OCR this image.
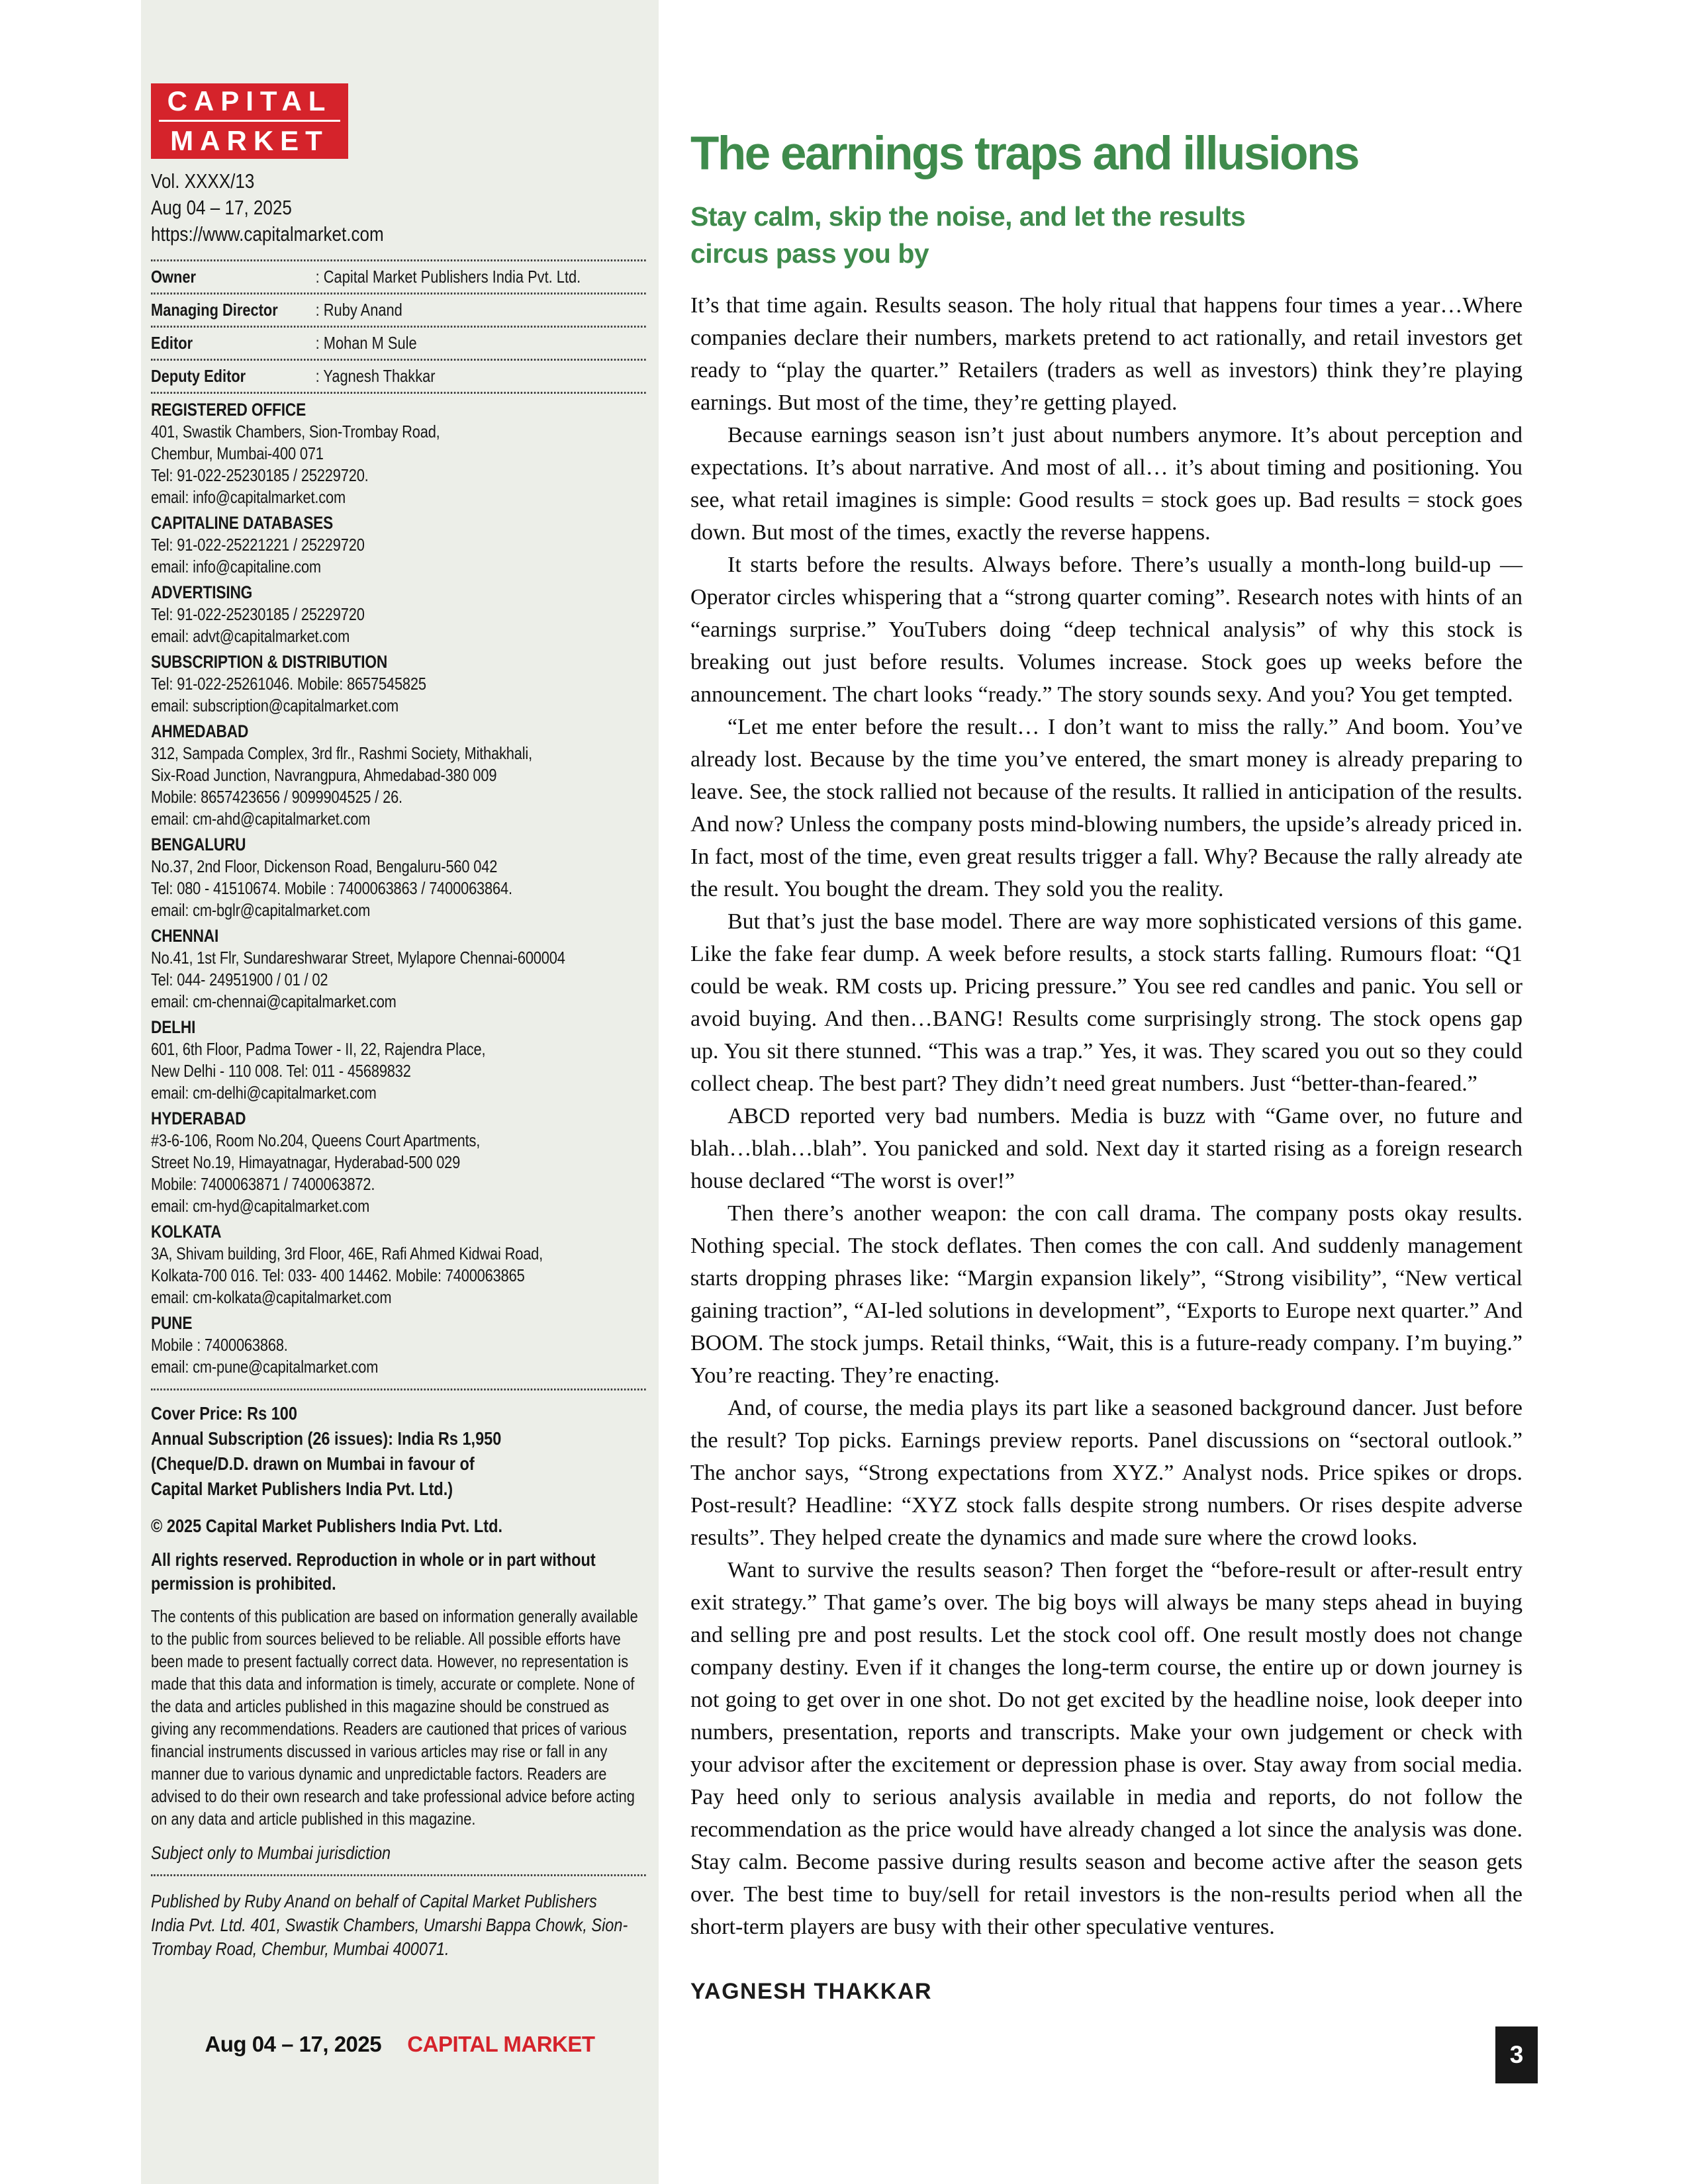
CAPITAL
MARKET
Vol. XXXX/13
Aug 04 – 17, 2025
https://www.capitalmarket.com
Owner	: Capital Market Publishers India Pvt. Ltd.
Managing Director	: Ruby Anand
Editor	: Mohan M Sule
Deputy Editor	: Yagnesh Thakkar
REGISTERED OFFICE
401, Swastik Chambers, Sion-Trombay Road,
Chembur, Mumbai-400 071
Tel: 91-022-25230185 / 25229720.
email: info@capitalmarket.com
CAPITALINE DATABASES
Tel: 91-022-25221221 / 25229720
email: info@capitaline.com
ADVERTISING
Tel: 91-022-25230185 / 25229720
email: advt@capitalmarket.com
SUBSCRIPTION & DISTRIBUTION
Tel: 91-022-25261046. Mobile: 8657545825
email: subscription@capitalmarket.com
AHMEDABAD
312, Sampada Complex, 3rd flr., Rashmi Society, Mithakhali,
Six-Road Junction, Navrangpura, Ahmedabad-380 009
Mobile: 8657423656 / 9099904525 / 26.
email: cm-ahd@capitalmarket.com
BENGALURU
No.37, 2nd Floor, Dickenson Road, Bengaluru-560 042
Tel: 080 - 41510674. Mobile : 7400063863 / 7400063864.
email: cm-bglr@capitalmarket.com
CHENNAI
No.41, 1st Flr, Sundareshwarar Street, Mylapore Chennai-600004
Tel: 044- 24951900 / 01 / 02
email: cm-chennai@capitalmarket.com
DELHI
601, 6th Floor, Padma Tower - II, 22, Rajendra Place,
New Delhi - 110 008. Tel: 011 - 45689832
email: cm-delhi@capitalmarket.com
HYDERABAD
#3-6-106, Room No.204, Queens Court Apartments,
Street No.19, Himayatnagar, Hyderabad-500 029
Mobile: 7400063871 / 7400063872.
email: cm-hyd@capitalmarket.com
KOLKATA
3A, Shivam building, 3rd Floor, 46E, Rafi Ahmed Kidwai Road,
Kolkata-700 016. Tel: 033- 400 14462. Mobile: 7400063865
email: cm-kolkata@capitalmarket.com
PUNE
Mobile : 7400063868.
email: cm-pune@capitalmarket.com
Cover Price: Rs 100
Annual Subscription (26 issues): India Rs 1,950
(Cheque/D.D. drawn on Mumbai in favour of
Capital Market Publishers India Pvt. Ltd.)
© 2025 Capital Market Publishers India Pvt. Ltd.
All rights reserved. Reproduction in whole or in part without permission is prohibited.
The contents of this publication are based on information generally available to the public from sources believed to be reliable. All possible efforts have been made to present factually correct data. However, no representation is made that this data and information is timely, accurate or complete. None of the data and articles published in this magazine should be construed as giving any recommendations. Readers are cautioned that prices of various financial instruments discussed in various articles may rise or fall in any manner due to various dynamic and unpredictable factors. Readers are advised to do their own research and take professional advice before acting on any data and article published in this magazine.
Subject only to Mumbai jurisdiction
Published by Ruby Anand on behalf of Capital Market Publishers India Pvt. Ltd. 401, Swastik Chambers, Umarshi Bappa Chowk, Sion-Trombay Road, Chembur, Mumbai 400071.
Aug 04 – 17, 2025 CAPITAL MARKET
The earnings traps and illusions
Stay calm, skip the noise, and let the results
circus pass you by

It’s that time again. Results season. The holy ritual that happens four times a year…Where companies declare their numbers, markets pretend to act rationally, and retail investors get ready to “play the quarter.” Retailers (traders as well as investors) think they’re playing earnings. But most of the time, they’re getting played.

Because earnings season isn’t just about numbers anymore. It’s about perception and expectations. It’s about narrative. And most of all… it’s about timing and positioning. You see, what retail imagines is simple: Good results = stock goes up. Bad results = stock goes down. But most of the times, exactly the reverse happens.

It starts before the results. Always before. There’s usually a month-long build-up — Operator circles whispering that a “strong quarter coming”. Research notes with hints of an “earnings surprise.” YouTubers doing “deep technical analysis” of why this stock is breaking out just before results. Volumes increase. Stock goes up weeks before the announcement. The chart looks “ready.” The story sounds sexy. And you? You get tempted.

“Let me enter before the result… I don’t want to miss the rally.” And boom. You’ve already lost. Because by the time you’ve entered, the smart money is already preparing to leave. See, the stock rallied not because of the results. It rallied in anticipation of the results. And now? Unless the company posts mind-blowing numbers, the upside’s already priced in. In fact, most of the time, even great results trigger a fall. Why? Because the rally already ate the result. You bought the dream. They sold you the reality.

But that’s just the base model. There are way more sophisticated versions of this game. Like the fake fear dump. A week before results, a stock starts falling. Rumours float: “Q1 could be weak. RM costs up. Pricing pressure.” You see red candles and panic. You sell or avoid buying. And then…BANG! Results come surprisingly strong. The stock opens gap up. You sit there stunned. “This was a trap.” Yes, it was. They scared you out so they could collect cheap. The best part? They didn’t need great numbers. Just “better-than-feared.”

ABCD reported very bad numbers. Media is buzz with “Game over, no future and blah…blah…blah”. You panicked and sold. Next day it started rising as a foreign research house declared “The worst is over!”

Then there’s another weapon: the con call drama. The company posts okay results. Nothing special. The stock deflates. Then comes the con call. And suddenly management starts dropping phrases like: “Margin expansion likely”, “Strong visibility”, “New vertical gaining traction”, “AI-led solutions in development”, “Exports to Europe next quarter.” And BOOM. The stock jumps. Retail thinks, “Wait, this is a future-ready company. I’m buying.” You’re reacting. They’re enacting.

And, of course, the media plays its part like a seasoned background dancer. Just before the result? Top picks. Earnings preview reports. Panel discussions on “sectoral outlook.” The anchor says, “Strong expectations from XYZ.” Analyst nods. Price spikes or drops. Post-result? Headline: “XYZ stock falls despite strong numbers. Or rises despite adverse results”. They helped create the dynamics and made sure where the crowd looks.

Want to survive the results season? Then forget the “before-result or after-result entry exit strategy.” That game’s over. The big boys will always be many steps ahead in buying and selling pre and post results. Let the stock cool off. One result mostly does not change company destiny. Even if it changes the long-term course, the entire up or down journey is not going to get over in one shot. Do not get excited by the headline noise, look deeper into numbers, presentation, reports and transcripts. Make your own judgement or check with your advisor after the excitement or depression phase is over. Stay away from social media. Pay heed only to serious analysis available in media and reports, do not follow the recommendation as the price would have already changed a lot since the analysis was done. Stay calm. Become passive during results season and become active after the season gets over. The best time to buy/sell for retail investors is the non-results period when all the short-term players are busy with their other speculative ventures.

YAGNESH THAKKAR
3
